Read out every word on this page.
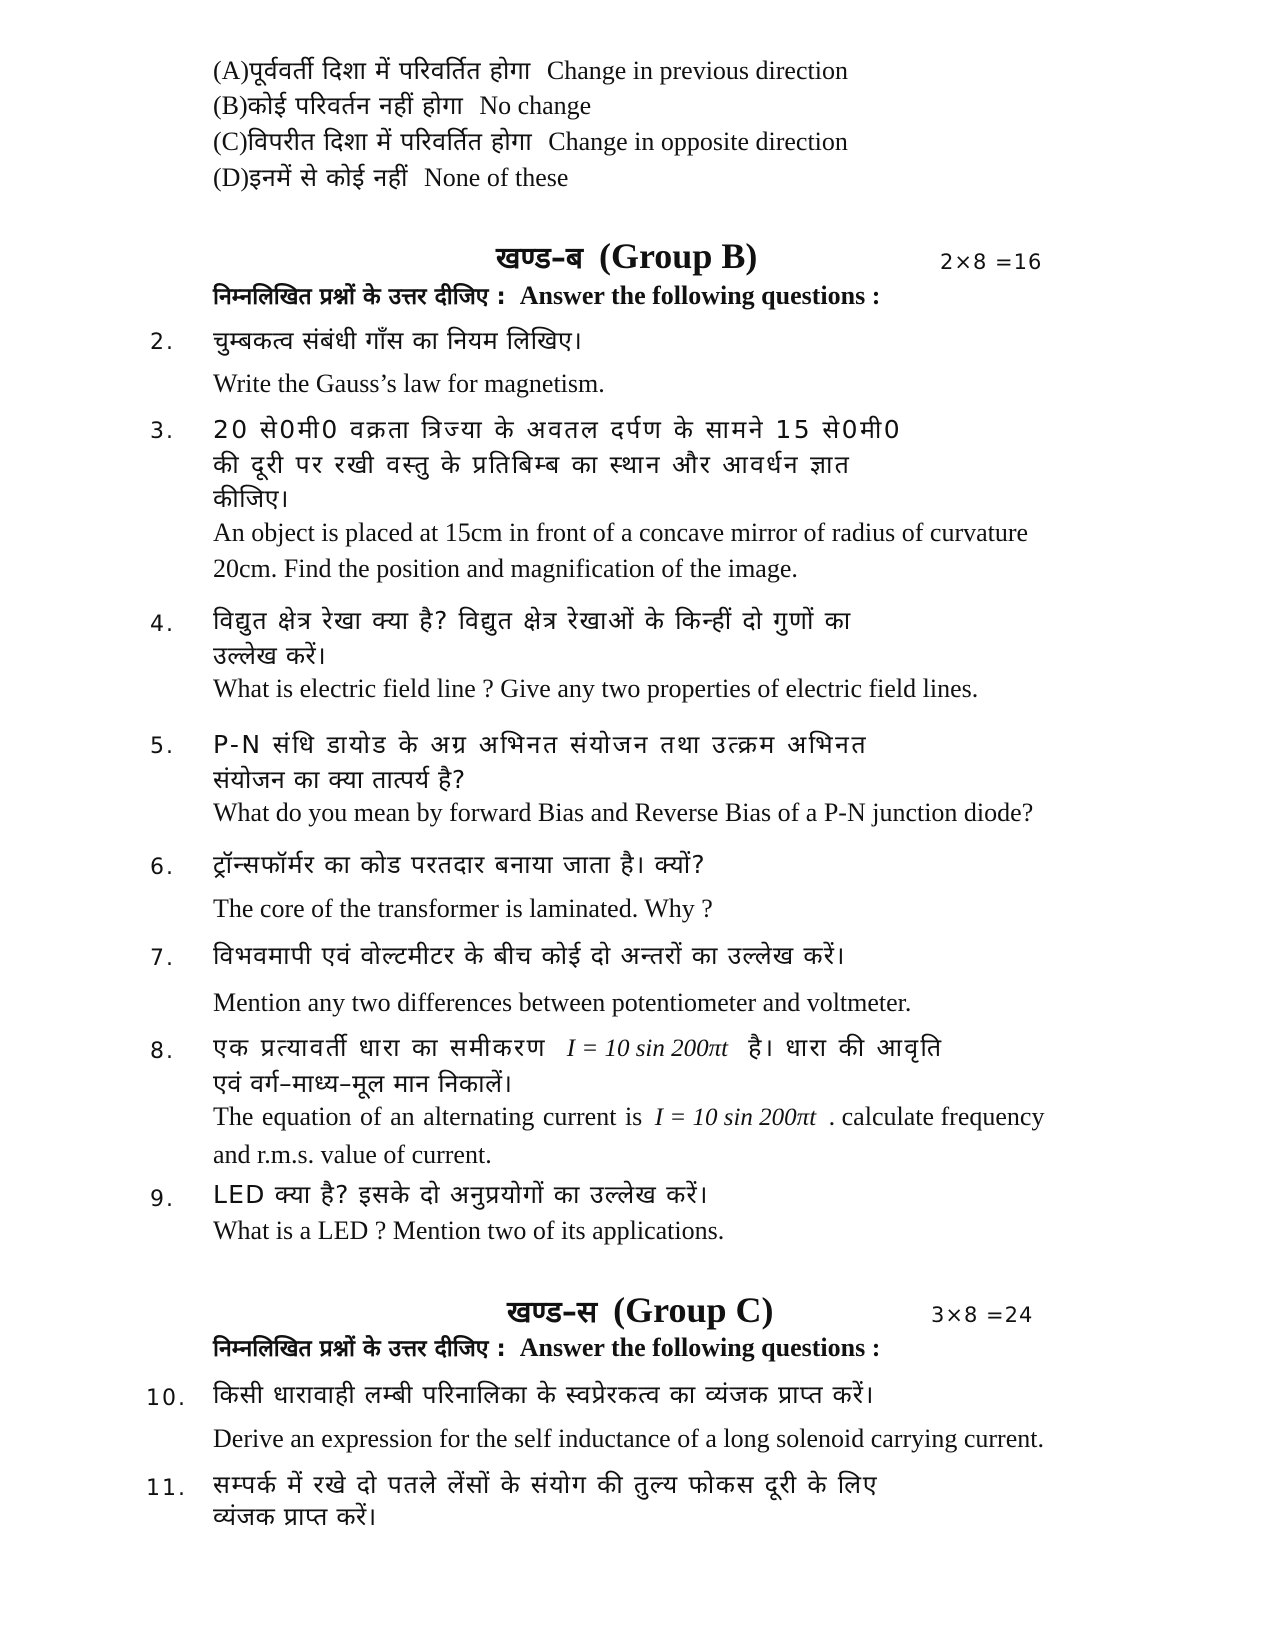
(A)पूर्ववर्ती दिशा में परिवर्तित होगा Change in previous direction
(B)कोई परिवर्तन नहीं होगा No change
(C)विपरीत दिशा में परिवर्तित होगा Change in opposite direction
(D)इनमें से कोई नहीं None of these
खण्ड–ब (Group B)	2×8 =16
निम्नलिखित प्रश्नों के उत्तर दीजिए : Answer the following questions :
2. चुम्बकत्व संबंधी गाँस का नियम लिखिए।
Write the Gauss’s law for magnetism.
3. 20 से0मी0 वक्रता त्रिज्या के अवतल दर्पण के सामने 15 से0मी0
की दूरी पर रखी वस्तु के प्रतिबिम्ब का स्थान और आवर्धन ज्ञात
कीजिए।
An object is placed at 15cm in front of a concave mirror of radius of curvature
20cm. Find the position and magnification of the image.
4. विद्युत क्षेत्र रेखा क्या है? विद्युत क्षेत्र रेखाओं के किन्हीं दो गुणों का
उल्लेख करें।
What is electric field line ? Give any two properties of electric field lines.
5. P-N संधि डायोड के अग्र अभिनत संयोजन तथा उत्क्रम अभिनत
संयोजन का क्या तात्पर्य है?
What do you mean by forward Bias and Reverse Bias of a P-N junction diode?
6. ट्रॉन्सफॉर्मर का कोड परतदार बनाया जाता है। क्यों?
The core of the transformer is laminated. Why ?
7. विभवमापी एवं वोल्टमीटर के बीच कोई दो अन्तरों का उल्लेख करें।
Mention any two differences between potentiometer and voltmeter.
8. एक प्रत्यावर्ती धारा का समीकरण I = 10 sin 200πt है। धारा की आवृति
एवं वर्ग–माध्य–मूल मान निकालें।
The equation of an alternating current is I = 10 sin 200πt . calculate frequency
and r.m.s. value of current.
9. LED क्या है? इसके दो अनुप्रयोगों का उल्लेख करें।
What is a LED ? Mention two of its applications.
खण्ड–स (Group C)	3×8 =24
निम्नलिखित प्रश्नों के उत्तर दीजिए : Answer the following questions :
10. किसी धारावाही लम्बी परिनालिका के स्वप्रेरकत्व का व्यंजक प्राप्त करें।
Derive an expression for the self inductance of a long solenoid carrying current.
11. सम्पर्क में रखे दो पतले लेंसों के संयोग की तुल्य फोकस दूरी के लिए
व्यंजक प्राप्त करें।
